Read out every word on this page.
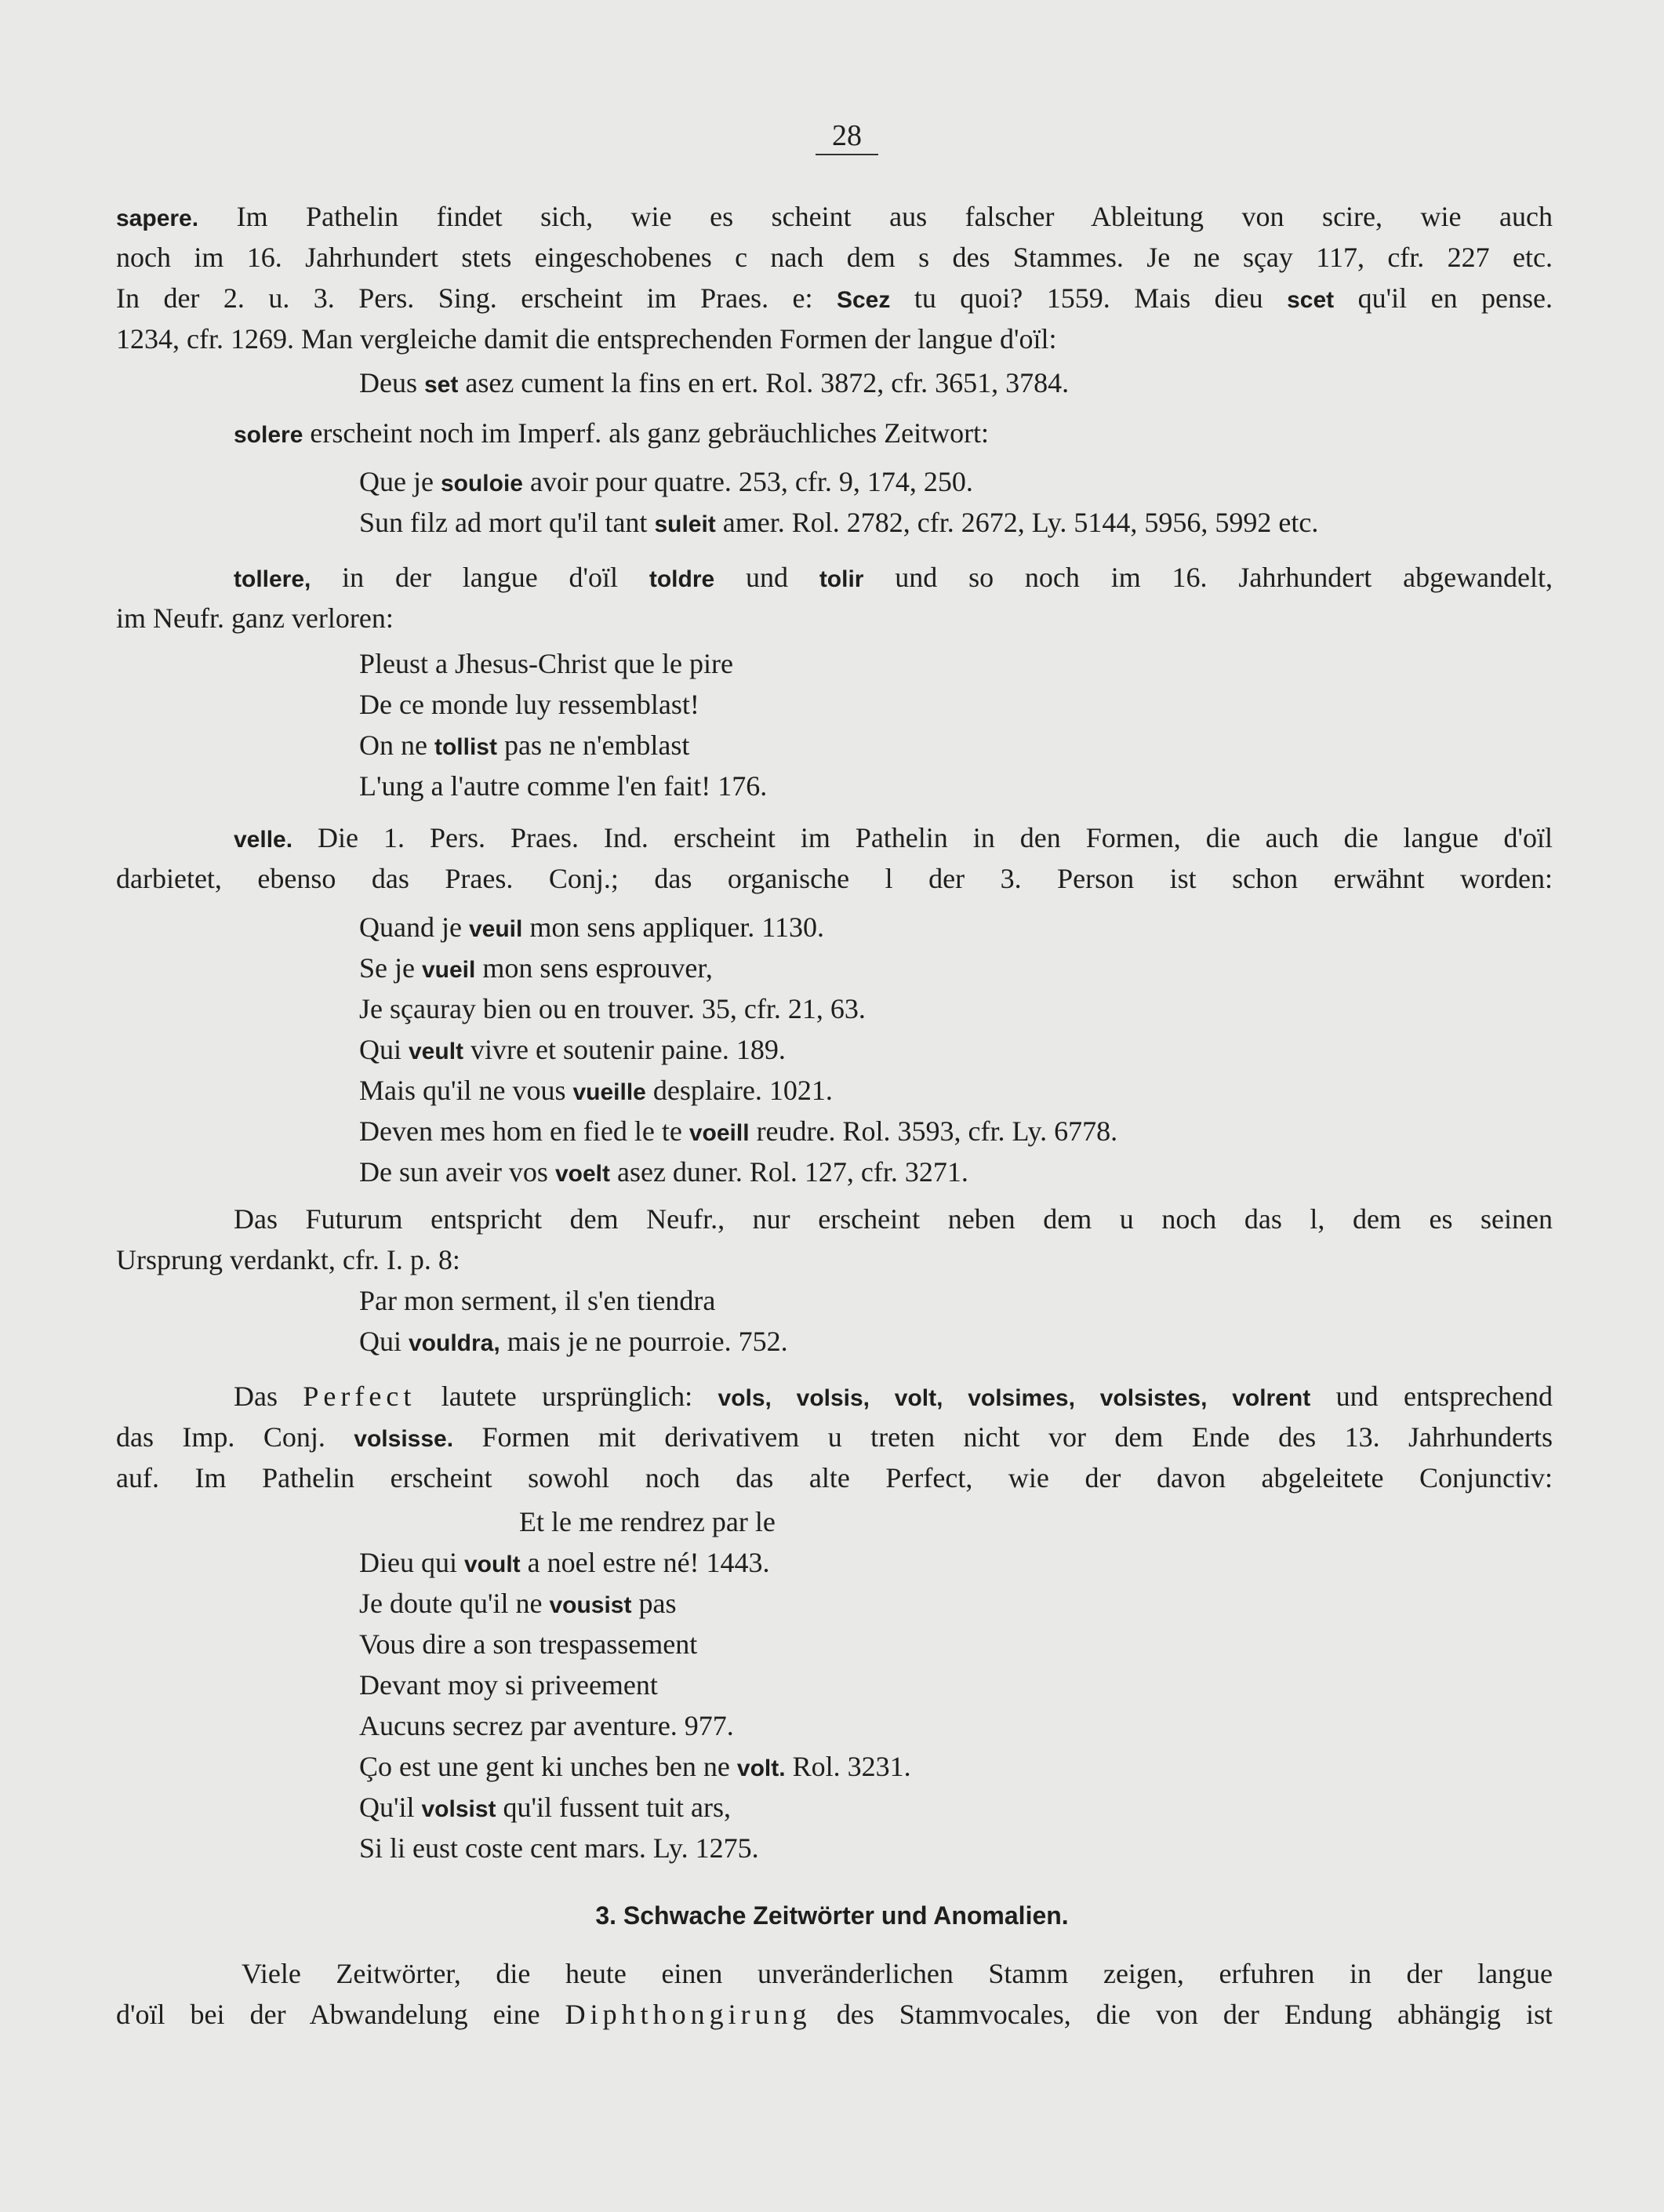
28
sapere. Im Pathelin findet sich, wie es scheint aus falscher Ableitung von scire, wie auch
noch im 16. Jahrhundert stets eingeschobenes c nach dem s des Stammes. Je ne sçay 117, cfr. 227 etc.
In der 2. u. 3. Pers. Sing. erscheint im Praes. e: Scez tu quoi? 1559. Mais dieu scet qu'il en pense.
1234, cfr. 1269. Man vergleiche damit die entsprechenden Formen der langue d'oïl:
Deus set asez cument la fins en ert. Rol. 3872, cfr. 3651, 3784.
solere erscheint noch im Imperf. als ganz gebräuchliches Zeitwort:
Que je souloie avoir pour quatre. 253, cfr. 9, 174, 250.
Sun filz ad mort qu'il tant suleit amer. Rol. 2782, cfr. 2672, Ly. 5144, 5956, 5992 etc.
tollere, in der langue d'oïl toldre und tolir und so noch im 16. Jahrhundert abgewandelt,
im Neufr. ganz verloren:
Pleust a Jhesus-Christ que le pire
De ce monde luy ressemblast!
On ne tollist pas ne n'emblast
L'ung a l'autre comme l'en fait! 176.
velle. Die 1. Pers. Praes. Ind. erscheint im Pathelin in den Formen, die auch die langue d'oïl
darbietet, ebenso das Praes. Conj.; das organische l der 3. Person ist schon erwähnt worden:
Quand je veuil mon sens appliquer. 1130.
Se je vueil mon sens esprouver,
Je sçauray bien ou en trouver. 35, cfr. 21, 63.
Qui veult vivre et soutenir paine. 189.
Mais qu'il ne vous vueille desplaire. 1021.
Deven mes hom en fied le te voeill reudre. Rol. 3593, cfr. Ly. 6778.
De sun aveir vos voelt asez duner. Rol. 127, cfr. 3271.
Das Futurum entspricht dem Neufr., nur erscheint neben dem u noch das l, dem es seinen
Ursprung verdankt, cfr. I. p. 8:
Par mon serment, il s'en tiendra
Qui vouldra, mais je ne pourroie. 752.
Das Perfect lautete ursprünglich: vols, volsis, volt, volsimes, volsistes, volrent und entsprechend
das Imp. Conj. volsisse. Formen mit derivativem u treten nicht vor dem Ende des 13. Jahrhunderts
auf. Im Pathelin erscheint sowohl noch das alte Perfect, wie der davon abgeleitete Conjunctiv:
Et le me rendrez par le
Dieu qui voult a noel estre né! 1443.
Je doute qu'il ne vousist pas
Vous dire a son trespassement
Devant moy si priveement
Aucuns secrez par aventure. 977.
Ço est une gent ki unches ben ne volt. Rol. 3231.
Qu'il volsist qu'il fussent tuit ars,
Si li eust coste cent mars. Ly. 1275.
3. Schwache Zeitwörter und Anomalien.
Viele Zeitwörter, die heute einen unveränderlichen Stamm zeigen, erfuhren in der langue
d'oïl bei der Abwandelung eine Diphthongirung des Stammvocales, die von der Endung abhängig ist
